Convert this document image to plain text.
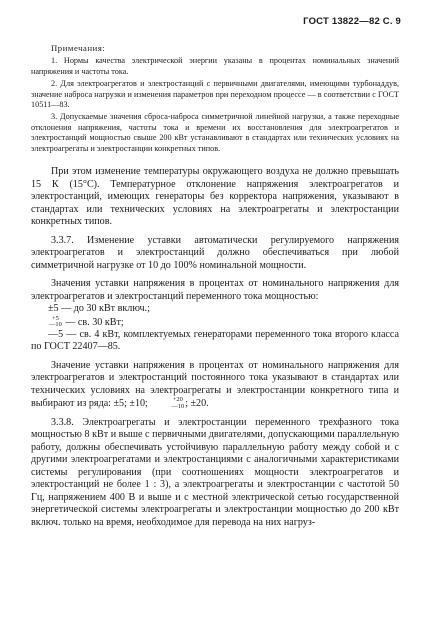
ГОСТ 13822—82 С. 9

Примечания:

1. Нормы качества электрической энергии указаны в процентах номинальных значений напряжения и частоты тока.

2. Для электроагрегатов и электростанций с первичными двигателями, имеющими турбонаддув, значение наброса нагрузки и изменения параметров при переходном процессе — в соответствии с ГОСТ 10511—83.

3. Допускаемые значения сброса-наброса симметричной линейной нагрузки, а также переходные отклонения напряжения, частоты тока и времени их восстановления для электроагрегатов и электростанций мощностью свыше 200 кВт устанавливают в стандартах или технических условиях на электроагрегаты и электростанции конкретных типов.

При этом изменение температуры окружающего воздуха не должно превышать 15 К (15°С). Температурное отклонение напряжения электроагрегатов и электростанций, имеющих генераторы без корректора напряжения, указывают в стандартах или технических условиях на электроагрегаты и электростанции конкретных типов.

3.3.7. Изменение уставки автоматически регулируемого напряжения электроагрегатов и электростанций должно обеспечиваться при любой симметричной нагрузке от 10 до 100% номинальной мощности.

Значения уставки напряжения в процентах от номинального напряжения для электроагрегатов и электростанций переменного тока мощностью:

±5 — до 30 кВт включ.;

+5
—10 — св. 30 кВт;

—5 — св. 4 кВт, комплектуемых генераторами переменного тока второго класса по ГОСТ 22407—85.

Значение уставки напряжения в процентах от номинального напряжения для электроагрегатов и электростанций постоянного тока указывают в стандартах или технических условиях на электроагрегаты и электростанции конкретного типа и выбирают из ряда: ±5; ±10;	+20
—10 ; ±20.

3.3.8. Электроагрегаты и электростанции переменного трехфазного тока мощностью 8 кВт и выше с первичными двигателями, допускающими параллельную работу, должны обеспечивать устойчивую параллельную работу между собой и с другими электроагрегатами и электростанциями с аналогичными характеристиками системы регулирования (при соотношениях мощности электроагрегатов и электростанций не более 1 : 3), а электроагрегаты и электростанции с частотой 50 Гц, напряжением 400 В и выше и с местной электрической сетью государственной энергетической системы электроагрегаты и электростанции мощностью до 200 кВт включ. только на время, необходимое для перевода на них нагруз-
